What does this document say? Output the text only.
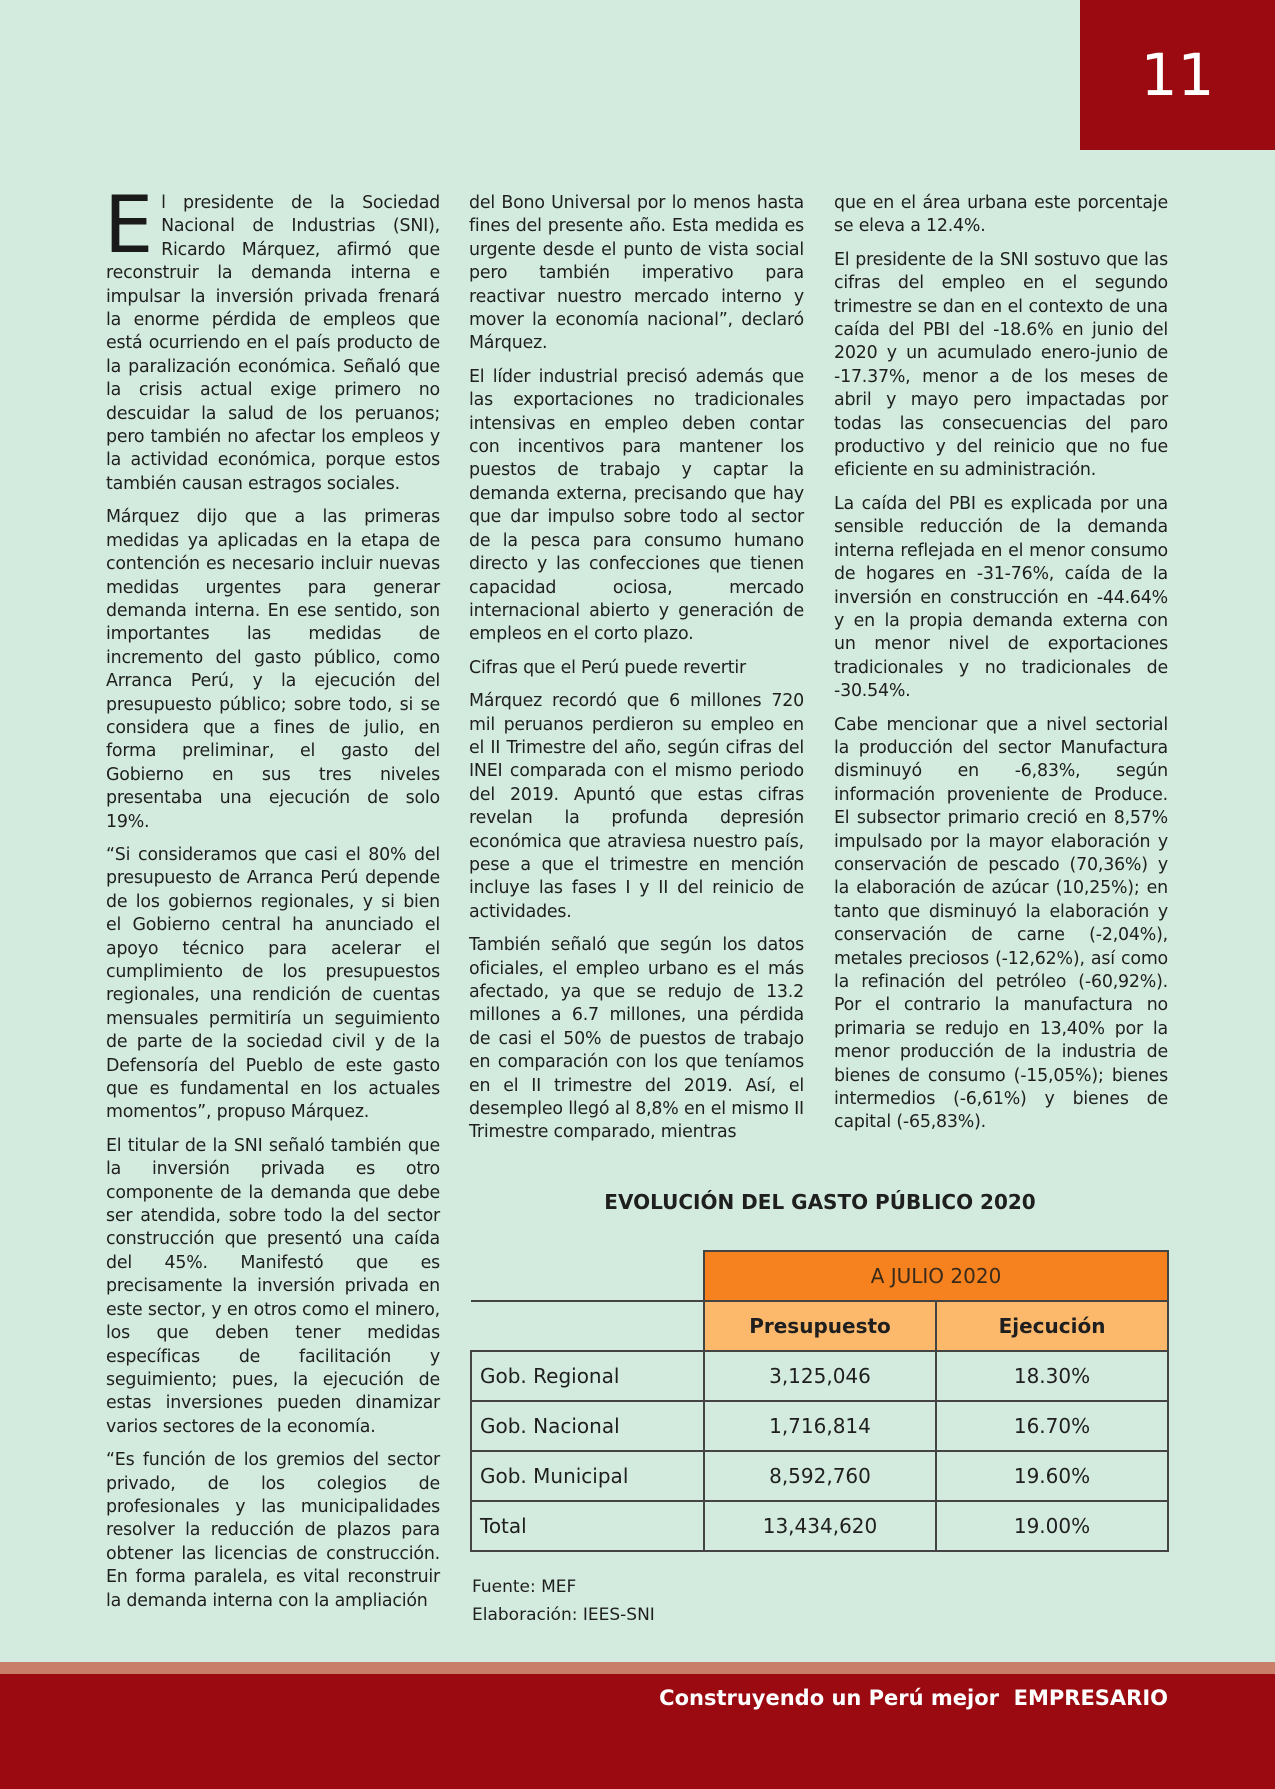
11

El presidente de la Sociedad Nacional de Industrias (SNI), Ricardo Márquez, afirmó que reconstruir la demanda interna e impulsar la inversión privada frenará la enorme pérdida de empleos que está ocurriendo en el país producto de la paralización económica. Señaló que la crisis actual exige primero no descuidar la salud de los peruanos; pero también no afectar los empleos y la actividad económica, porque estos también causan estragos sociales.

Márquez dijo que a las primeras medidas ya aplicadas en la etapa de contención es necesario incluir nuevas medidas urgentes para generar demanda interna. En ese sentido, son importantes las medidas de incremento del gasto público, como Arranca Perú, y la ejecución del presupuesto público; sobre todo, si se considera que a fines de julio, en forma preliminar, el gasto del Gobierno en sus tres niveles presentaba una ejecución de solo 19%.

“Si consideramos que casi el 80% del presupuesto de Arranca Perú depende de los gobiernos regionales, y si bien el Gobierno central ha anunciado el apoyo técnico para acelerar el cumplimiento de los presupuestos regionales, una rendición de cuentas mensuales permitiría un seguimiento de parte de la sociedad civil y de la Defensoría del Pueblo de este gasto que es fundamental en los actuales momentos”, propuso Márquez.

El titular de la SNI señaló también que la inversión privada es otro componente de la demanda que debe ser atendida, sobre todo la del sector construcción que presentó una caída del 45%. Manifestó que es precisamente la inversión privada en este sector, y en otros como el minero, los que deben tener medidas específicas de facilitación y seguimiento; pues, la ejecución de estas inversiones pueden dinamizar varios sectores de la economía.

“Es función de los gremios del sector privado, de los colegios de profesionales y las municipalidades resolver la reducción de plazos para obtener las licencias de construcción. En forma paralela, es vital reconstruir la demanda interna con la ampliación

del Bono Universal por lo menos hasta fines del presente año. Esta medida es urgente desde el punto de vista social pero también imperativo para reactivar nuestro mercado interno y mover la economía nacional”, declaró Márquez.

El líder industrial precisó además que las exportaciones no tradicionales intensivas en empleo deben contar con incentivos para mantener los puestos de trabajo y captar la demanda externa, precisando que hay que dar impulso sobre todo al sector de la pesca para consumo humano directo y las confecciones que tienen capacidad ociosa, mercado internacional abierto y generación de empleos en el corto plazo.

Cifras que el Perú puede revertir

Márquez recordó que 6 millones 720 mil peruanos perdieron su empleo en el II Trimestre del año, según cifras del INEI comparada con el mismo periodo del 2019. Apuntó que estas cifras revelan la profunda depresión económica que atraviesa nuestro país, pese a que el trimestre en mención incluye las fases I y II del reinicio de actividades.

También señaló que según los datos oficiales, el empleo urbano es el más afectado, ya que se redujo de 13.2 millones a 6.7 millones, una pérdida de casi el 50% de puestos de trabajo en comparación con los que teníamos en el II trimestre del 2019. Así, el desempleo llegó al 8,8% en el mismo II Trimestre comparado, mientras

que en el área urbana este porcentaje se eleva a 12.4%.

El presidente de la SNI sostuvo que las cifras del empleo en el segundo trimestre se dan en el contexto de una caída del PBI del -18.6% en junio del 2020 y un acumulado enero-junio de -17.37%, menor a de los meses de abril y mayo pero impactadas por todas las consecuencias del paro productivo y del reinicio que no fue eficiente en su administración.

La caída del PBI es explicada por una sensible reducción de la demanda interna reflejada en el menor consumo de hogares en -31-76%, caída de la inversión en construcción en -44.64% y en la propia demanda externa con un menor nivel de exportaciones tradicionales y no tradicionales de -30.54%.

Cabe mencionar que a nivel sectorial la producción del sector Manufactura disminuyó en -6,83%, según información proveniente de Produce. El subsector primario creció en 8,57% impulsado por la mayor elaboración y conservación de pescado (70,36%) y la elaboración de azúcar (10,25%); en tanto que disminuyó la elaboración y conservación de carne (-2,04%), metales preciosos (-12,62%), así como la refinación del petróleo (-60,92%). Por el contrario la manufactura no primaria se redujo en 13,40% por la menor producción de la industria de bienes de consumo (-15,05%); bienes intermedios (-6,61%) y bienes de capital (-65,83%).

EVOLUCIÓN DEL GASTO PÚBLICO 2020
	A JULIO 2020	
	Presupuesto	Ejecución
Gob. Regional	3,125,046	18.30%
Gob. Nacional	1,716,814	16.70%
Gob. Municipal	8,592,760	19.60%
Total	13,434,620	19.00%
Fuente: MEF
Elaboración: IEES-SNI
Construyendo un Perú mejor  EMPRESARIO
